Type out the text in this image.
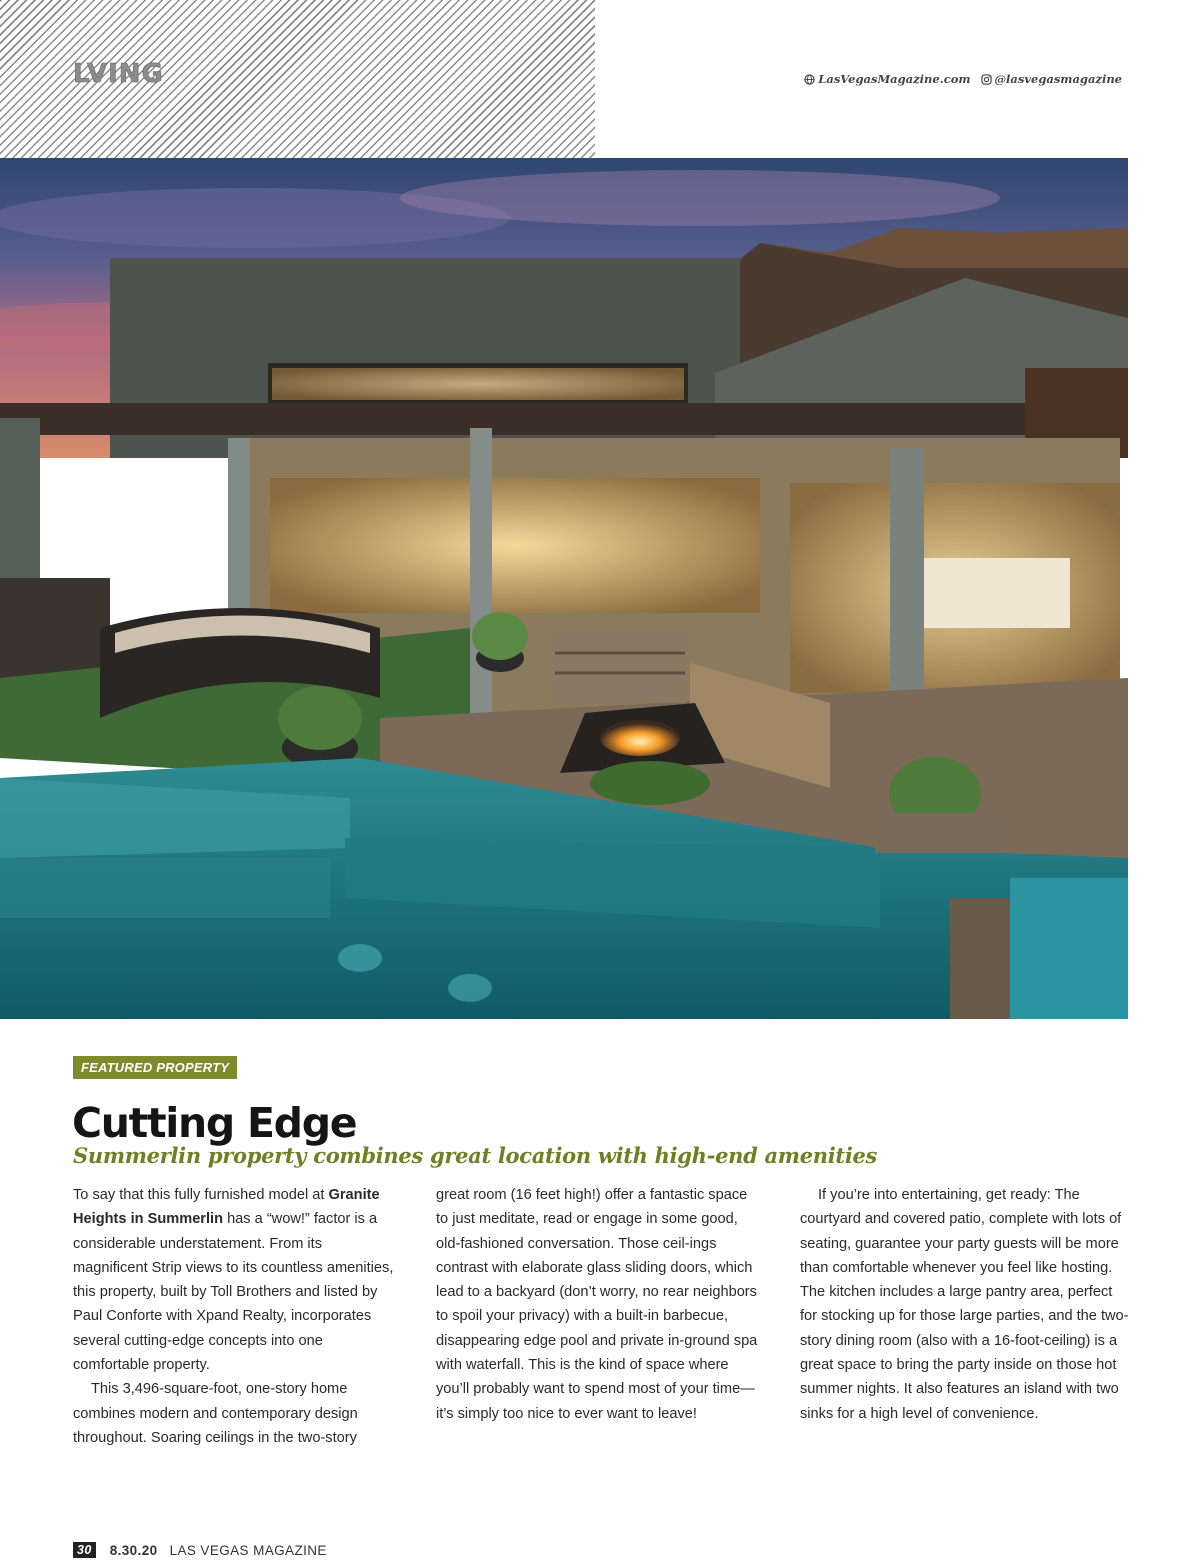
LVING	LasVegasMagazine.com @lasvegasmagazine
FEATURED PROPERTY
Cutting Edge
Summerlin property combines great location with high-end amenities

To say that this fully furnished model at Granite Heights in Summerlin has a “wow!” factor is a considerable understatement. From its magnificent Strip views to its countless amenities, this property, built by Toll Brothers and listed by Paul Conforte with Xpand Realty, incorporates several cutting-edge concepts into one comfortable property.

This 3,496-square-foot, one-story home combines modern and contemporary design throughout. Soaring ceilings in the two-story

great room (16 feet high!) offer a fantastic space to just meditate, read or engage in some good, old-fashioned conversation. Those ceil-ings contrast with elaborate glass sliding doors, which lead to a backyard (don’t worry, no rear neighbors to spoil your privacy) with a built-in barbecue, disappearing edge pool and private in-ground spa with waterfall. This is the kind of space where you’ll probably want to spend most of your time—it’s simply too nice to ever want to leave!

If you’re into entertaining, get ready: The courtyard and covered patio, complete with lots of seating, guarantee your party guests will be more than comfortable whenever you feel like hosting. The kitchen includes a large pantry area, perfect for stocking up for those large parties, and the two-story dining room (also with a 16-foot-ceiling) is a great space to bring the party inside on those hot summer nights. It also features an island with two sinks for a high level of convenience.

30 8.30.20 LAS VEGAS MAGAZINE
